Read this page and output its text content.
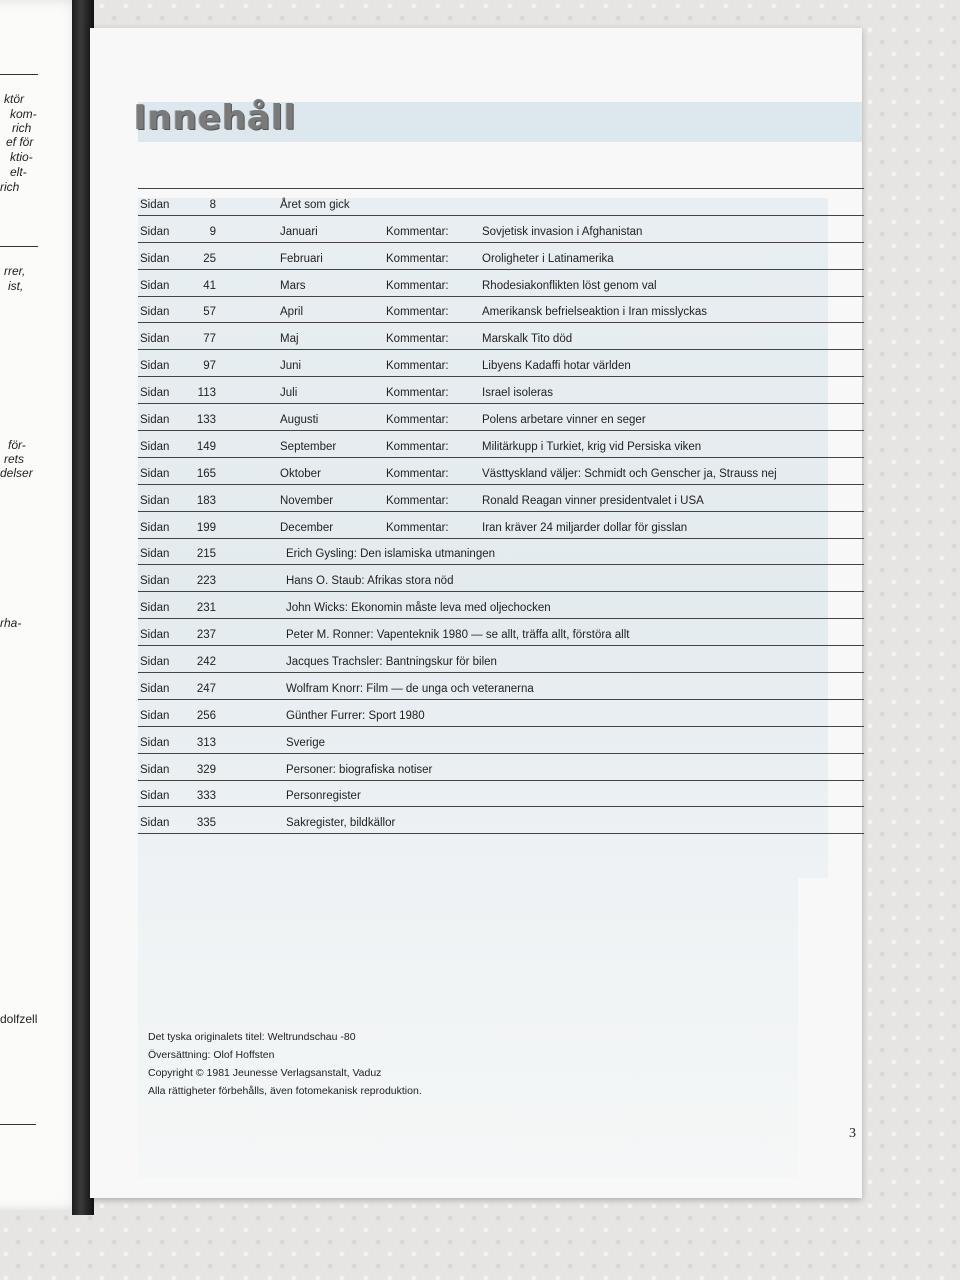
ktör
kom-
rich
ef för
ktio-
elt-
rich
rrer,
ist,
för-
rets
delser
rha-
dolfzell
Innehåll
Sidan	8	Året som gick
Sidan	9	Januari	Kommentar:	Sovjetisk invasion i Afghanistan
Sidan	25	Februari	Kommentar:	Oroligheter i Latinamerika
Sidan	41	Mars	Kommentar:	Rhodesiakonflikten löst genom val
Sidan	57	April	Kommentar:	Amerikansk befrielseaktion i Iran misslyckas
Sidan	77	Maj	Kommentar:	Marskalk Tito död
Sidan	97	Juni	Kommentar:	Libyens Kadaffi hotar världen
Sidan	113	Juli	Kommentar:	Israel isoleras
Sidan	133	Augusti	Kommentar:	Polens arbetare vinner en seger
Sidan	149	September	Kommentar:	Militärkupp i Turkiet, krig vid Persiska viken
Sidan	165	Oktober	Kommentar:	Västtyskland väljer: Schmidt och Genscher ja, Strauss nej
Sidan	183	November	Kommentar:	Ronald Reagan vinner presidentvalet i USA
Sidan	199	December	Kommentar:	Iran kräver 24 miljarder dollar för gisslan
Sidan	215	Erich Gysling: Den islamiska utmaningen
Sidan	223	Hans O. Staub: Afrikas stora nöd
Sidan	231	John Wicks: Ekonomin måste leva med oljechocken
Sidan	237	Peter M. Ronner: Vapenteknik 1980 — se allt, träffa allt, förstöra allt
Sidan	242	Jacques Trachsler: Bantningskur för bilen
Sidan	247	Wolfram Knorr: Film — de unga och veteranerna
Sidan	256	Günther Furrer: Sport 1980
Sidan	313	Sverige
Sidan	329	Personer: biografiska notiser
Sidan	333	Personregister
Sidan	335	Sakregister, bildkällor
Det tyska originalets titel: Weltrundschau -80
Översättning: Olof Hoffsten
Copyright © 1981 Jeunesse Verlagsanstalt, Vaduz
Alla rättigheter förbehålls, även fotomekanisk reproduktion.
3
